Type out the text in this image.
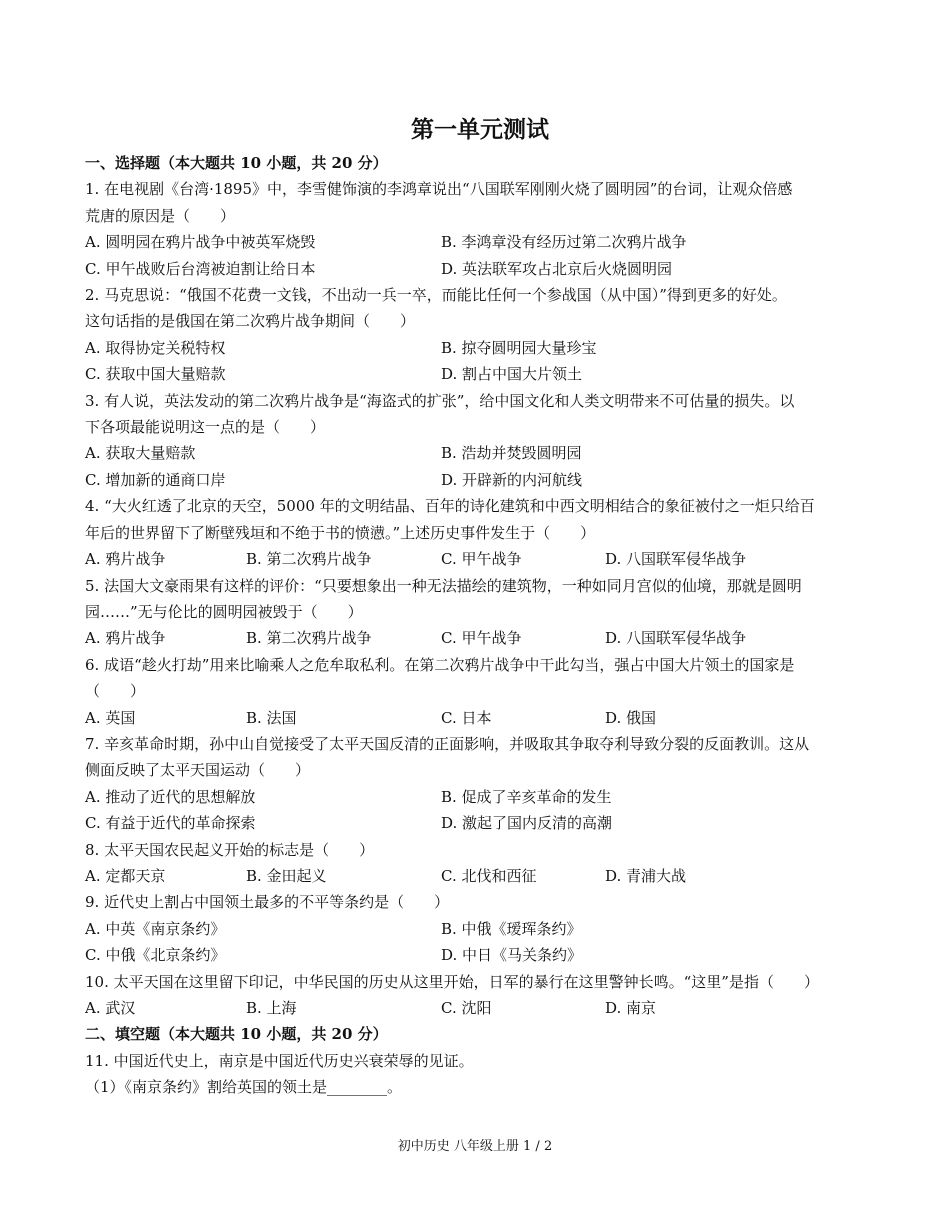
第一单元测试
一、选择题（本大题共 10 小题，共 20 分）
1. 在电视剧《台湾·1895》中，李雪健饰演的李鸿章说出“八国联军刚刚火烧了圆明园”的台词，让观众倍感
荒唐的原因是（　　）
A. 圆明园在鸦片战争中被英军烧毁	B. 李鸿章没有经历过第二次鸦片战争
C. 甲午战败后台湾被迫割让给日本	D. 英法联军攻占北京后火烧圆明园
2. 马克思说：“俄国不花费一文钱，不出动一兵一卒，而能比任何一个参战国（从中国）”得到更多的好处。
这句话指的是俄国在第二次鸦片战争期间（　　）
A. 取得协定关税特权	B. 掠夺圆明园大量珍宝
C. 获取中国大量赔款	D. 割占中国大片领土
3. 有人说，英法发动的第二次鸦片战争是“海盗式的扩张”，给中国文化和人类文明带来不可估量的损失。以
下各项最能说明这一点的是（　　）
A. 获取大量赔款	B. 浩劫并焚毁圆明园
C. 增加新的通商口岸	D. 开辟新的内河航线
4. “大火红透了北京的天空，5000 年的文明结晶、百年的诗化建筑和中西文明相结合的象征被付之一炬只给百
年后的世界留下了断壁残垣和不绝于书的愤懑。”上述历史事件发生于（　　）
A. 鸦片战争	B. 第二次鸦片战争	C. 甲午战争	D. 八国联军侵华战争
5. 法国大文豪雨果有这样的评价：“只要想象出一种无法描绘的建筑物，一种如同月宫似的仙境，那就是圆明
园……”无与伦比的圆明园被毁于（　　）
A. 鸦片战争	B. 第二次鸦片战争	C. 甲午战争	D. 八国联军侵华战争
6. 成语“趁火打劫”用来比喻乘人之危牟取私利。在第二次鸦片战争中干此勾当，强占中国大片领土的国家是
（　　）
A. 英国	B. 法国	C. 日本	D. 俄国
7. 辛亥革命时期，孙中山自觉接受了太平天国反清的正面影响，并吸取其争取夺利导致分裂的反面教训。这从
侧面反映了太平天国运动（　　）
A. 推动了近代的思想解放	B. 促成了辛亥革命的发生
C. 有益于近代的革命探索	D. 激起了国内反清的高潮
8. 太平天国农民起义开始的标志是（　　）
A. 定都天京	B. 金田起义	C. 北伐和西征	D. 青浦大战
9. 近代史上割占中国领土最多的不平等条约是（　　）
A. 中英《南京条约》	B. 中俄《瑷珲条约》
C. 中俄《北京条约》	D. 中日《马关条约》
10. 太平天国在这里留下印记，中华民国的历史从这里开始，日军的暴行在这里警钟长鸣。“这里”是指（　　）
A. 武汉	B. 上海	C. 沈阳	D. 南京
二、填空题（本大题共 10 小题，共 20 分）
11. 中国近代史上，南京是中国近代历史兴衰荣辱的见证。
（1）《南京条约》割给英国的领土是________。
初中历史 八年级上册 1 / 2
